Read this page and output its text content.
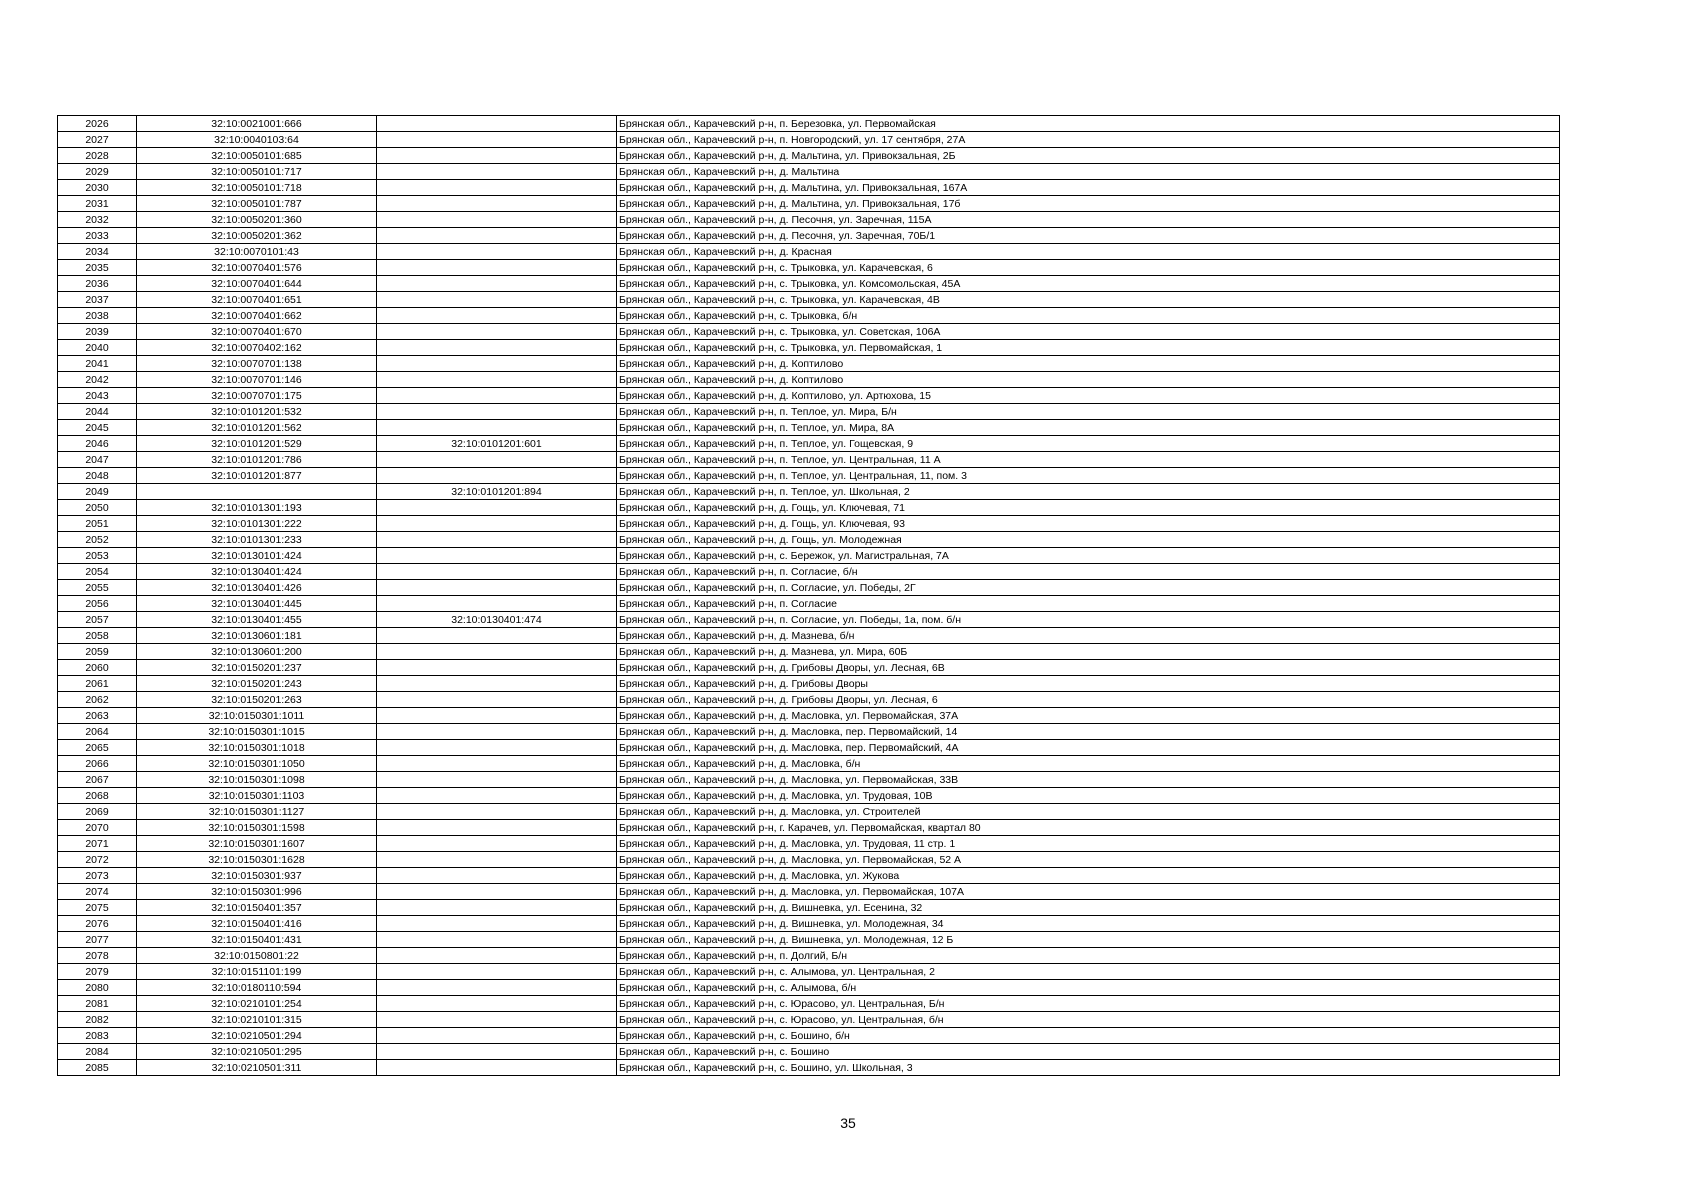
2026	32:10:0021001:666		Брянская обл., Карачевский р-н, п. Березовка, ул. Первомайская
2027	32:10:0040103:64		Брянская обл., Карачевский р-н, п. Новгородский, ул. 17 сентября, 27А
2028	32:10:0050101:685		Брянская обл., Карачевский р-н, д. Мальтина, ул. Привокзальная, 2Б
2029	32:10:0050101:717		Брянская обл., Карачевский р-н, д. Мальтина
2030	32:10:0050101:718		Брянская обл., Карачевский р-н, д. Мальтина, ул. Привокзальная, 167А
2031	32:10:0050101:787		Брянская обл., Карачевский р-н, д. Мальтина, ул. Привокзальная, 17б
2032	32:10:0050201:360		Брянская обл., Карачевский р-н, д. Песочня, ул. Заречная, 115А
2033	32:10:0050201:362		Брянская обл., Карачевский р-н, д. Песочня, ул. Заречная, 70Б/1
2034	32:10:0070101:43		Брянская обл., Карачевский р-н, д. Красная
2035	32:10:0070401:576		Брянская обл., Карачевский р-н, с. Трыковка, ул. Карачевская, 6
2036	32:10:0070401:644		Брянская обл., Карачевский р-н, с. Трыковка, ул. Комсомольская, 45А
2037	32:10:0070401:651		Брянская обл., Карачевский р-н, с. Трыковка, ул. Карачевская, 4В
2038	32:10:0070401:662		Брянская обл., Карачевский р-н, с. Трыковка, б/н
2039	32:10:0070401:670		Брянская обл., Карачевский р-н, с. Трыковка, ул. Советская, 106А
2040	32:10:0070402:162		Брянская обл., Карачевский р-н, с. Трыковка, ул. Первомайская, 1
2041	32:10:0070701:138		Брянская обл., Карачевский р-н, д. Коптилово
2042	32:10:0070701:146		Брянская обл., Карачевский р-н, д. Коптилово
2043	32:10:0070701:175		Брянская обл., Карачевский р-н, д. Коптилово, ул. Артюхова, 15
2044	32:10:0101201:532		Брянская обл., Карачевский р-н, п. Теплое, ул. Мира, Б/н
2045	32:10:0101201:562		Брянская обл., Карачевский р-н, п. Теплое, ул. Мира, 8А
2046	32:10:0101201:529	32:10:0101201:601	Брянская обл., Карачевский р-н, п. Теплое, ул. Гощевская, 9
2047	32:10:0101201:786		Брянская обл., Карачевский р-н, п. Теплое, ул. Центральная, 11 А
2048	32:10:0101201:877		Брянская обл., Карачевский р-н, п. Теплое, ул. Центральная, 11, пом. 3
2049		32:10:0101201:894	Брянская обл., Карачевский р-н, п. Теплое, ул. Школьная, 2
2050	32:10:0101301:193		Брянская обл., Карачевский р-н, д. Гощь, ул. Ключевая, 71
2051	32:10:0101301:222		Брянская обл., Карачевский р-н, д. Гощь, ул. Ключевая, 93
2052	32:10:0101301:233		Брянская обл., Карачевский р-н, д. Гощь, ул. Молодежная
2053	32:10:0130101:424		Брянская обл., Карачевский р-н, с. Бережок, ул. Магистральная, 7А
2054	32:10:0130401:424		Брянская обл., Карачевский р-н, п. Согласие, б/н
2055	32:10:0130401:426		Брянская обл., Карачевский р-н, п. Согласие, ул. Победы, 2Г
2056	32:10:0130401:445		Брянская обл., Карачевский р-н, п. Согласие
2057	32:10:0130401:455	32:10:0130401:474	Брянская обл., Карачевский р-н, п. Согласие, ул. Победы, 1а, пом. б/н
2058	32:10:0130601:181		Брянская обл., Карачевский р-н, д. Мазнева, б/н
2059	32:10:0130601:200		Брянская обл., Карачевский р-н, д. Мазнева, ул. Мира, 60Б
2060	32:10:0150201:237		Брянская обл., Карачевский р-н, д. Грибовы Дворы, ул. Лесная, 6В
2061	32:10:0150201:243		Брянская обл., Карачевский р-н, д. Грибовы Дворы
2062	32:10:0150201:263		Брянская обл., Карачевский р-н, д. Грибовы Дворы, ул. Лесная, 6
2063	32:10:0150301:1011		Брянская обл., Карачевский р-н, д. Масловка, ул. Первомайская, 37А
2064	32:10:0150301:1015		Брянская обл., Карачевский р-н, д. Масловка, пер. Первомайский, 14
2065	32:10:0150301:1018		Брянская обл., Карачевский р-н, д. Масловка, пер. Первомайский, 4А
2066	32:10:0150301:1050		Брянская обл., Карачевский р-н, д. Масловка, б/н
2067	32:10:0150301:1098		Брянская обл., Карачевский р-н, д. Масловка, ул. Первомайская, 33В
2068	32:10:0150301:1103		Брянская обл., Карачевский р-н, д. Масловка, ул. Трудовая, 10В
2069	32:10:0150301:1127		Брянская обл., Карачевский р-н, д. Масловка, ул. Строителей
2070	32:10:0150301:1598		Брянская обл., Карачевский р-н, г. Карачев, ул. Первомайская, квартал 80
2071	32:10:0150301:1607		Брянская обл., Карачевский р-н, д. Масловка, ул. Трудовая, 11 стр. 1
2072	32:10:0150301:1628		Брянская обл., Карачевский р-н, д. Масловка, ул. Первомайская, 52 А
2073	32:10:0150301:937		Брянская обл., Карачевский р-н, д. Масловка, ул. Жукова
2074	32:10:0150301:996		Брянская обл., Карачевский р-н, д. Масловка, ул. Первомайская, 107А
2075	32:10:0150401:357		Брянская обл., Карачевский р-н, д. Вишневка, ул. Есенина, 32
2076	32:10:0150401:416		Брянская обл., Карачевский р-н, д. Вишневка, ул. Молодежная, 34
2077	32:10:0150401:431		Брянская обл., Карачевский р-н, д. Вишневка, ул. Молодежная, 12 Б
2078	32:10:0150801:22		Брянская обл., Карачевский р-н, п. Долгий, Б/н
2079	32:10:0151101:199		Брянская обл., Карачевский р-н, с. Алымова, ул. Центральная, 2
2080	32:10:0180110:594		Брянская обл., Карачевский р-н, с. Алымова, б/н
2081	32:10:0210101:254		Брянская обл., Карачевский р-н, с. Юрасово, ул. Центральная, Б/н
2082	32:10:0210101:315		Брянская обл., Карачевский р-н, с. Юрасово, ул. Центральная, б/н
2083	32:10:0210501:294		Брянская обл., Карачевский р-н, с. Бошино, б/н
2084	32:10:0210501:295		Брянская обл., Карачевский р-н, с. Бошино
2085	32:10:0210501:311		Брянская обл., Карачевский р-н, с. Бошино, ул. Школьная, 3
35
